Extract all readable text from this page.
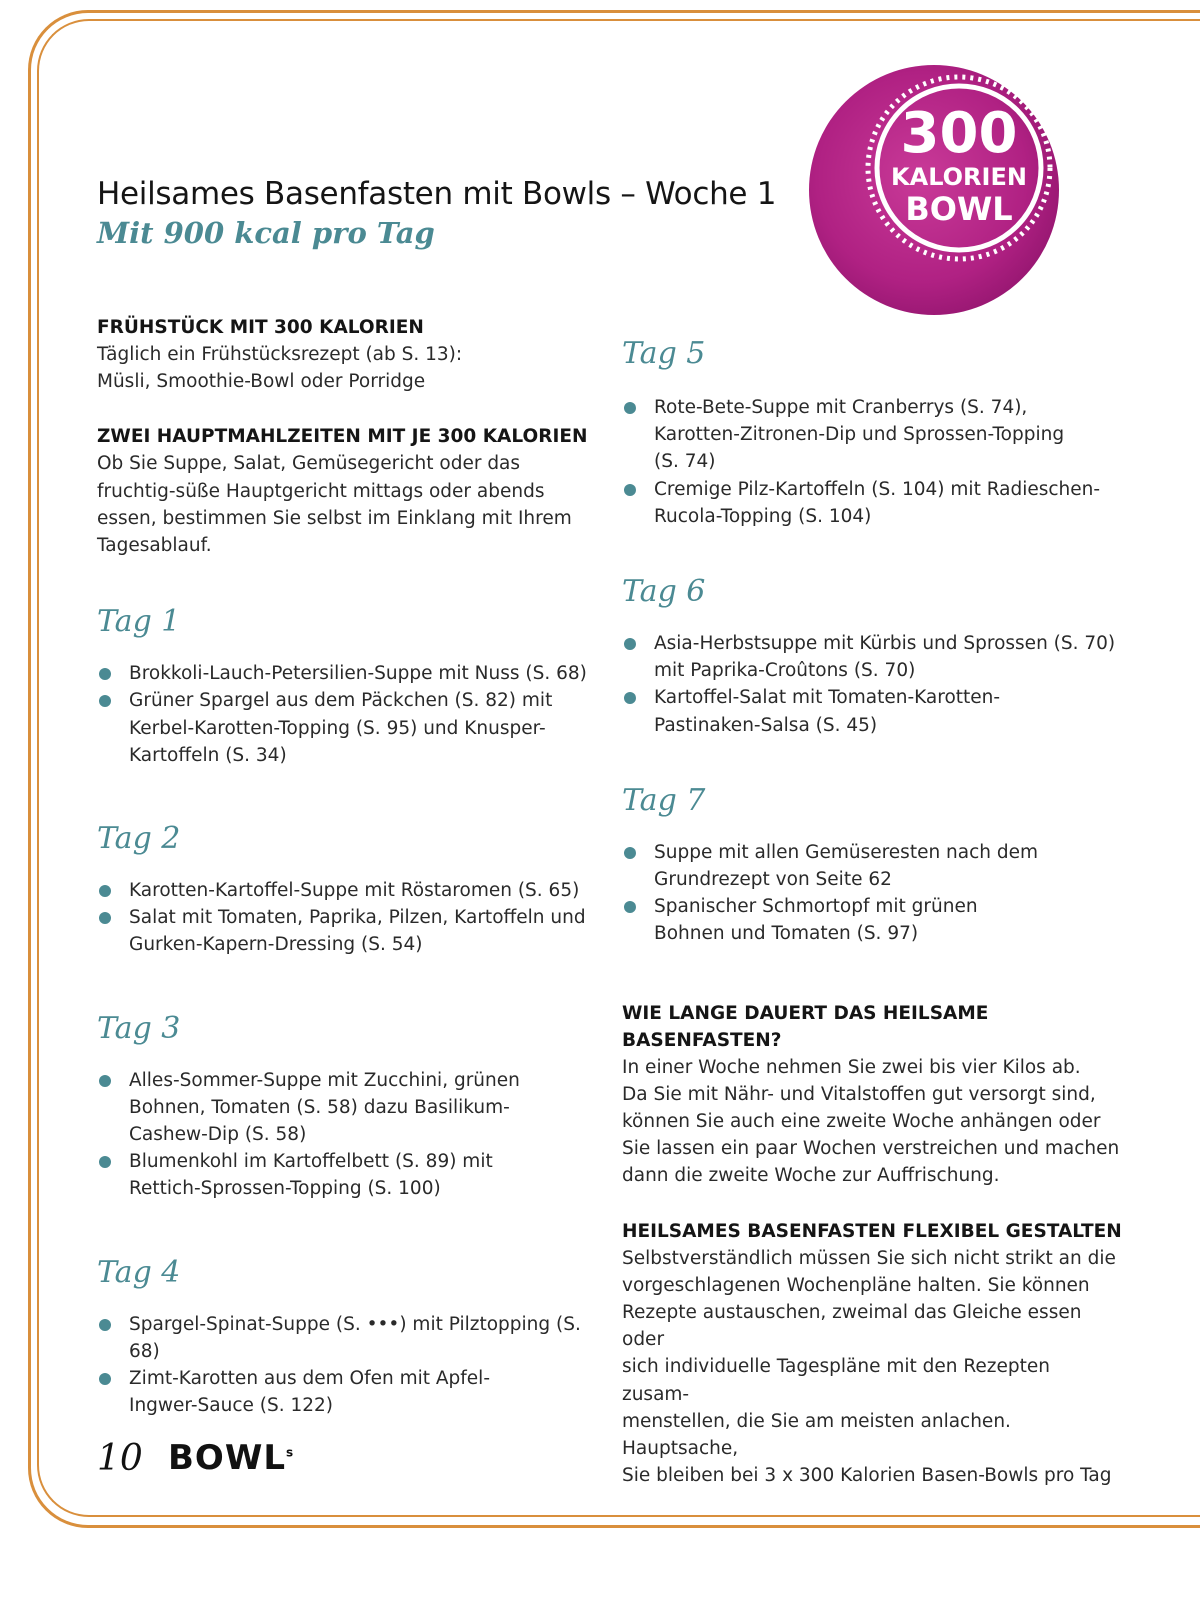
Heilsames Basenfasten mit Bowls – Woche 1
Mit 900 kcal pro Tag
300
KALORIEN
BOWL

FRÜHSTÜCK MIT 300 KALORIEN

Täglich ein Frühstücksrezept (ab S. 13):

Müsli, Smoothie-Bowl oder Porridge

ZWEI HAUPTMAHLZEITEN MIT JE 300 KALORIEN

Ob Sie Suppe, Salat, Gemüsegericht oder das

fruchtig-süße Hauptgericht mittags oder abends

essen, bestimmen Sie selbst im Einklang mit Ihrem

Tagesablauf.

Tag 1

Brokkoli-Lauch-Petersilien-Suppe mit Nuss (S. 68)
Grüner Spargel aus dem Päckchen (S. 82) mit
Kerbel-Karotten-Topping (S. 95) und Knusper-
Kartoffeln (S. 34)

Tag 2

Karotten-Kartoffel-Suppe mit Röstaromen (S. 65)
Salat mit Tomaten, Paprika, Pilzen, Kartoffeln und
Gurken-Kapern-Dressing (S. 54)

Tag 3

Alles-Sommer-Suppe mit Zucchini, grünen
Bohnen, Tomaten (S. 58) dazu Basilikum-
Cashew-Dip (S. 58)
Blumenkohl im Kartoffelbett (S. 89) mit
Rettich-Sprossen-Topping (S. 100)

Tag 4

Spargel-Spinat-Suppe (S. •••) mit Pilztopping (S. 68)
Zimt-Karotten aus dem Ofen mit Apfel-
Ingwer-Sauce (S. 122)

Tag 5

Rote-Bete-Suppe mit Cranberrys (S. 74),
Karotten-Zitronen-Dip und Sprossen-Topping
(S. 74)
Cremige Pilz-Kartoffeln (S. 104) mit Radieschen-
Rucola-Topping (S. 104)

Tag 6

Asia-Herbstsuppe mit Kürbis und Sprossen (S. 70)
mit Paprika-Croûtons (S. 70)
Kartoffel-Salat mit Tomaten-Karotten-
Pastinaken-Salsa (S. 45)

Tag 7

Suppe mit allen Gemüseresten nach dem
Grundrezept von Seite 62
Spanischer Schmortopf mit grünen
Bohnen und Tomaten (S. 97)

WIE LANGE DAUERT DAS HEILSAME

BASENFASTEN?

In einer Woche nehmen Sie zwei bis vier Kilos ab.

Da Sie mit Nähr- und Vitalstoffen gut versorgt sind,

können Sie auch eine zweite Woche anhängen oder

Sie lassen ein paar Wochen verstreichen und machen

dann die zweite Woche zur Auffrischung.

HEILSAMES BASENFASTEN FLEXIBEL GESTALTEN

Selbstverständlich müssen Sie sich nicht strikt an die

vorgeschlagenen Wochenpläne halten. Sie können

Rezepte austauschen, zweimal das Gleiche essen oder

sich individuelle Tagespläne mit den Rezepten zusam-

menstellen, die Sie am meisten anlachen. Hauptsache,

Sie bleiben bei 3 x 300 Kalorien Basen-Bowls pro Tag

10 BOWL$^s$
